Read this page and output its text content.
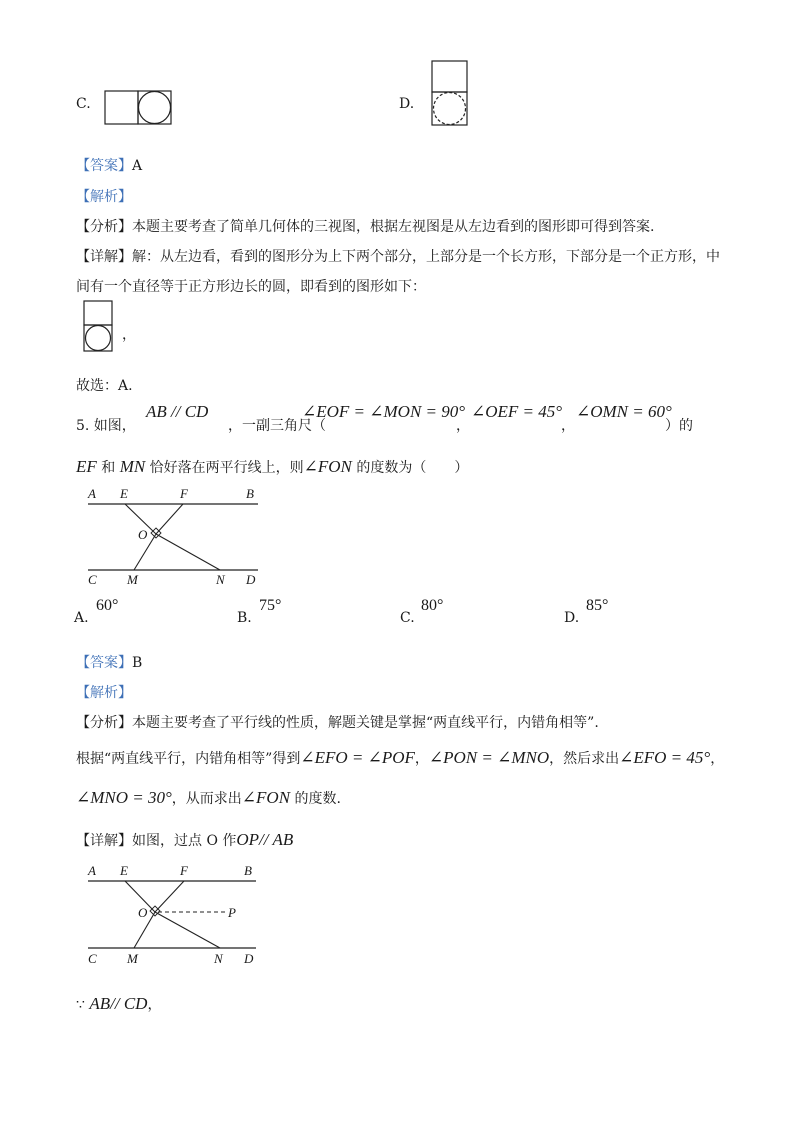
C.	D.
【答案】A
【解析】
【分析】本题主要考查了简单几何体的三视图，根据左视图是从左边看到的图形即可得到答案.
【详解】解：从左边看，看到的图形分为上下两个部分，上部分是一个长方形，下部分是一个正方形，中
间有一个直径等于正方形边长的圆，即看到的图形如下：
，
故选：A.
5. 如图，
AB // CD
，一副三角尺（
∠EOF = ∠MON = 90°
，
∠OEF = 45°
，
∠OMN = 60°
）的
EF 和 MN 恰好落在两平行线上，则∠FON 的度数为（　　）
A E	F	B
O
C M	N D
A.
60°
B.
75°
C.
80°
D.
85°
【答案】B
【解析】
【分析】本题主要考查了平行线的性质，解题关键是掌握“两直线平行，内错角相等”.
根据“两直线平行，内错角相等”得到∠EFO = ∠POF，∠PON = ∠MNO，然后求出∠EFO = 45°，
∠MNO = 30°，从而求出∠FON 的度数.
【详解】如图，过点 O 作OP// AB
A E	F	B
O	P
C M	N D
∵ AB// CD，
